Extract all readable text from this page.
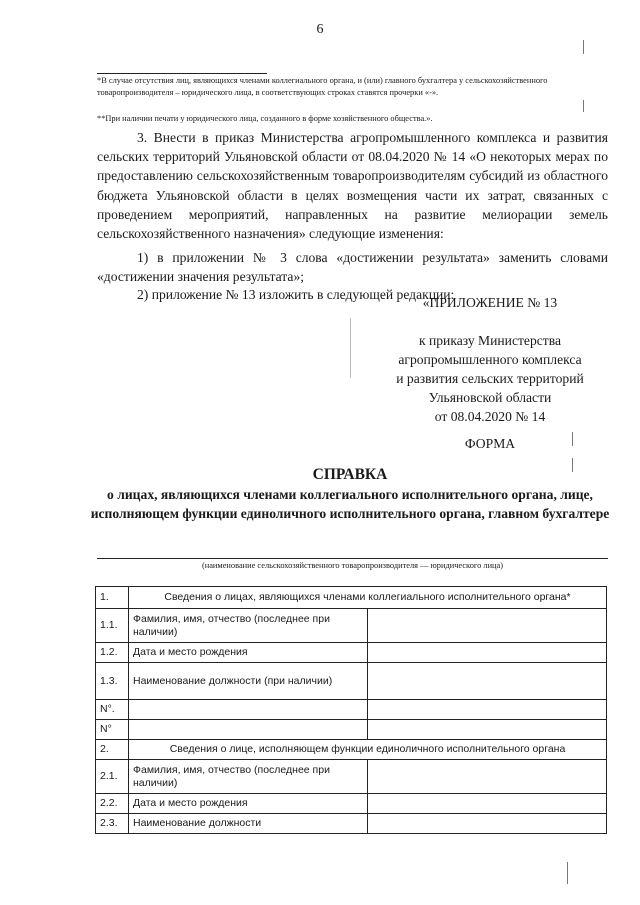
6
*В случае отсутствия лиц, являющихся членами коллегиального органа, и (или) главного бухгалтера у сельскохозяйственного товаропроизводителя – юридического лица, в соответствующих строках ставятся прочерки «-».
**При наличии печати у юридического лица, созданного в форме хозяйственного общества.».
3. Внести в приказ Министерства агропромышленного комплекса и развития сельских территорий Ульяновской области от 08.04.2020 № 14 «О некоторых мерах по предоставлению сельскохозяйственным товаропроизводителям субсидий из областного бюджета Ульяновской области в целях возмещения части их затрат, связанных с проведением мероприятий, направленных на развитие мелиорации земель сельскохозяйственного назначения» следующие изменения:
1) в приложении № 3 слова «достижении результата» заменить словами «достижении значения результата»;
2) приложение № 13 изложить в следующей редакции:
«ПРИЛОЖЕНИЕ № 13
к приказу Министерства
агропромышленного комплекса
и развития сельских территорий
Ульяновской области
от 08.04.2020 № 14
ФОРМА
СПРАВКА
о лицах, являющихся членами коллегиального исполнительного органа, лице, исполняющем функции единоличного исполнительного органа, главном бухгалтере
(наименование сельскохозяйственного товаропроизводителя — юридического лица)
1.	Сведения о лицах, являющихся членами коллегиального исполнительного органа*	
1.1.	Фамилия, имя, отчество (последнее при наличии)	
1.2.	Дата и место рождения	
1.3.	Наименование должности (при наличии)	
N°.		
N°		
2.	Сведения о лице, исполняющем функции единоличного исполнительного органа	
2.1.	Фамилия, имя, отчество (последнее при наличии)	
2.2.	Дата и место рождения	
2.3.	Наименование должности	
